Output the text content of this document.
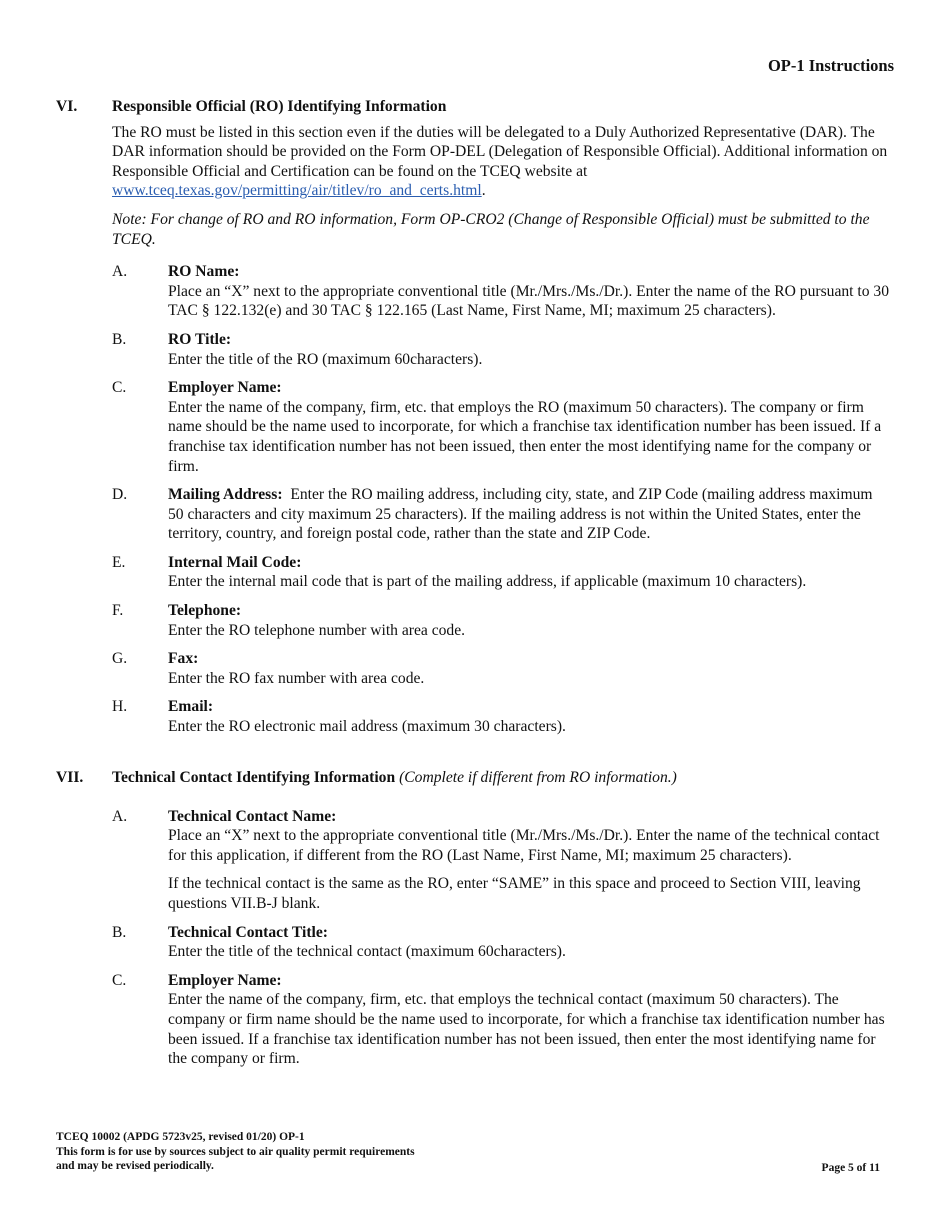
OP-1 Instructions
VI. Responsible Official (RO) Identifying Information
The RO must be listed in this section even if the duties will be delegated to a Duly Authorized Representative (DAR). The DAR information should be provided on the Form OP-DEL (Delegation of Responsible Official). Additional information on Responsible Official and Certification can be found on the TCEQ website at www.tceq.texas.gov/permitting/air/titlev/ro_and_certs.html.
Note: For change of RO and RO information, Form OP-CRO2 (Change of Responsible Official) must be submitted to the TCEQ.
A.	RO Name:
Place an “X” next to the appropriate conventional title (Mr./Mrs./Ms./Dr.). Enter the name of the RO pursuant to 30 TAC § 122.132(e) and 30 TAC § 122.165 (Last Name, First Name, MI; maximum 25 characters).
B.	RO Title:
Enter the title of the RO (maximum 60characters).
C.	Employer Name:
Enter the name of the company, firm, etc. that employs the RO (maximum 50 characters). The company or firm name should be the name used to incorporate, for which a franchise tax identification number has been issued. If a franchise tax identification number has not been issued, then enter the most identifying name for the company or firm.
D.	Mailing Address: Enter the RO mailing address, including city, state, and ZIP Code (mailing address maximum 50 characters and city maximum 25 characters). If the mailing address is not within the United States, enter the territory, country, and foreign postal code, rather than the state and ZIP Code.
E.	Internal Mail Code:
Enter the internal mail code that is part of the mailing address, if applicable (maximum 10 characters).
F.	Telephone:
Enter the RO telephone number with area code.
G.	Fax:
Enter the RO fax number with area code.
H.	Email:
Enter the RO electronic mail address (maximum 30 characters).
VII. Technical Contact Identifying Information (Complete if different from RO information.)
A.	Technical Contact Name:
Place an “X” next to the appropriate conventional title (Mr./Mrs./Ms./Dr.). Enter the name of the technical contact for this application, if different from the RO (Last Name, First Name, MI; maximum 25 characters).
If the technical contact is the same as the RO, enter “SAME” in this space and proceed to Section VIII, leaving questions VII.B-J blank.
B.	Technical Contact Title:
Enter the title of the technical contact (maximum 60characters).
C.	Employer Name:
Enter the name of the company, firm, etc. that employs the technical contact (maximum 50 characters). The company or firm name should be the name used to incorporate, for which a franchise tax identification number has been issued. If a franchise tax identification number has not been issued, then enter the most identifying name for the company or firm.
TCEQ 10002 (APDG 5723v25, revised 01/20) OP-1
This form is for use by sources subject to air quality permit requirements
and may be revised periodically.	Page 5 of 11
